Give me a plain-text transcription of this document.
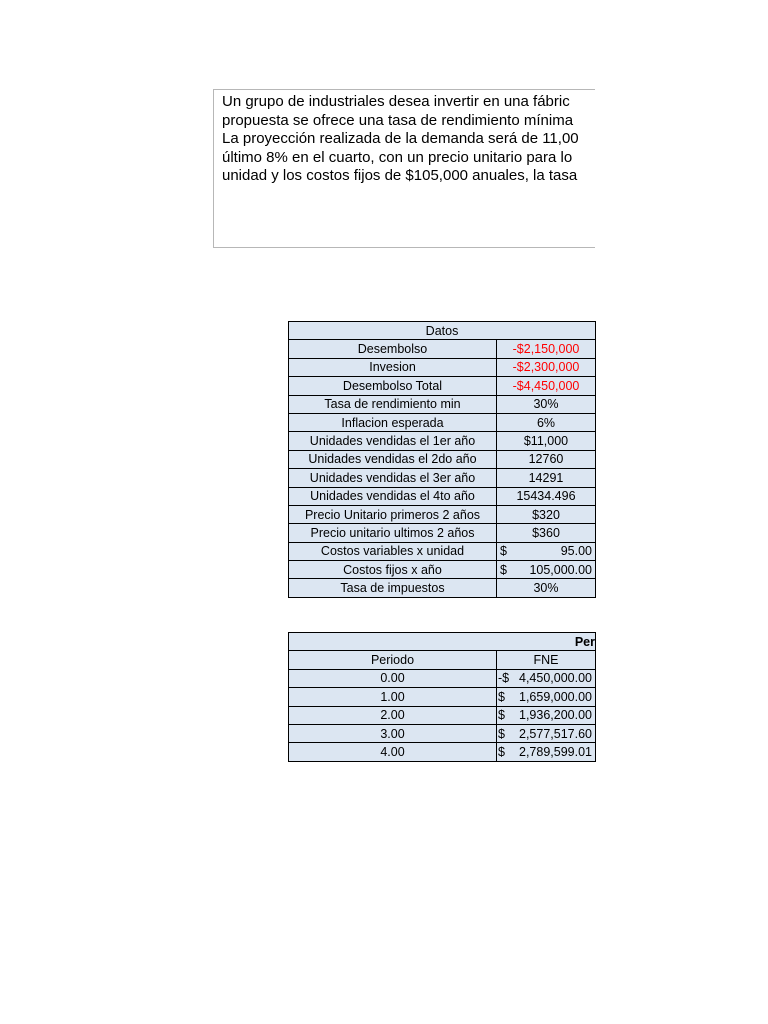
Un grupo de industriales desea invertir en una fábric
propuesta se ofrece una tasa de rendimiento mínima
La proyección realizada de la demanda será de 11,00
último 8% en el cuarto, con un precio unitario para lo
unidad y los costos fijos de $105,000 anuales, la tasa
Datos	
Desembolso	-$2,150,000
Invesion	-$2,300,000
Desembolso Total	-$4,450,000
Tasa de rendimiento min	30%
Inflacion esperada	6%
Unidades vendidas el 1er año	$11,000
Unidades vendidas el 2do año	12760
Unidades vendidas el 3er año	14291
Unidades vendidas el 4to año	15434.496
Precio Unitario primeros 2 años	$320
Precio unitario ultimos 2 años	$360
Costos variables x unidad	$ 95.00

Costos fijos x año	$ 105,000.00

Tasa de impuestos	30%
Per	
Periodo	FNE
0.00	-$ 4,450,000.00

1.00	$ 1,659,000.00

2.00	$ 1,936,200.00

3.00	$ 2,577,517.60

4.00	$ 2,789,599.01
